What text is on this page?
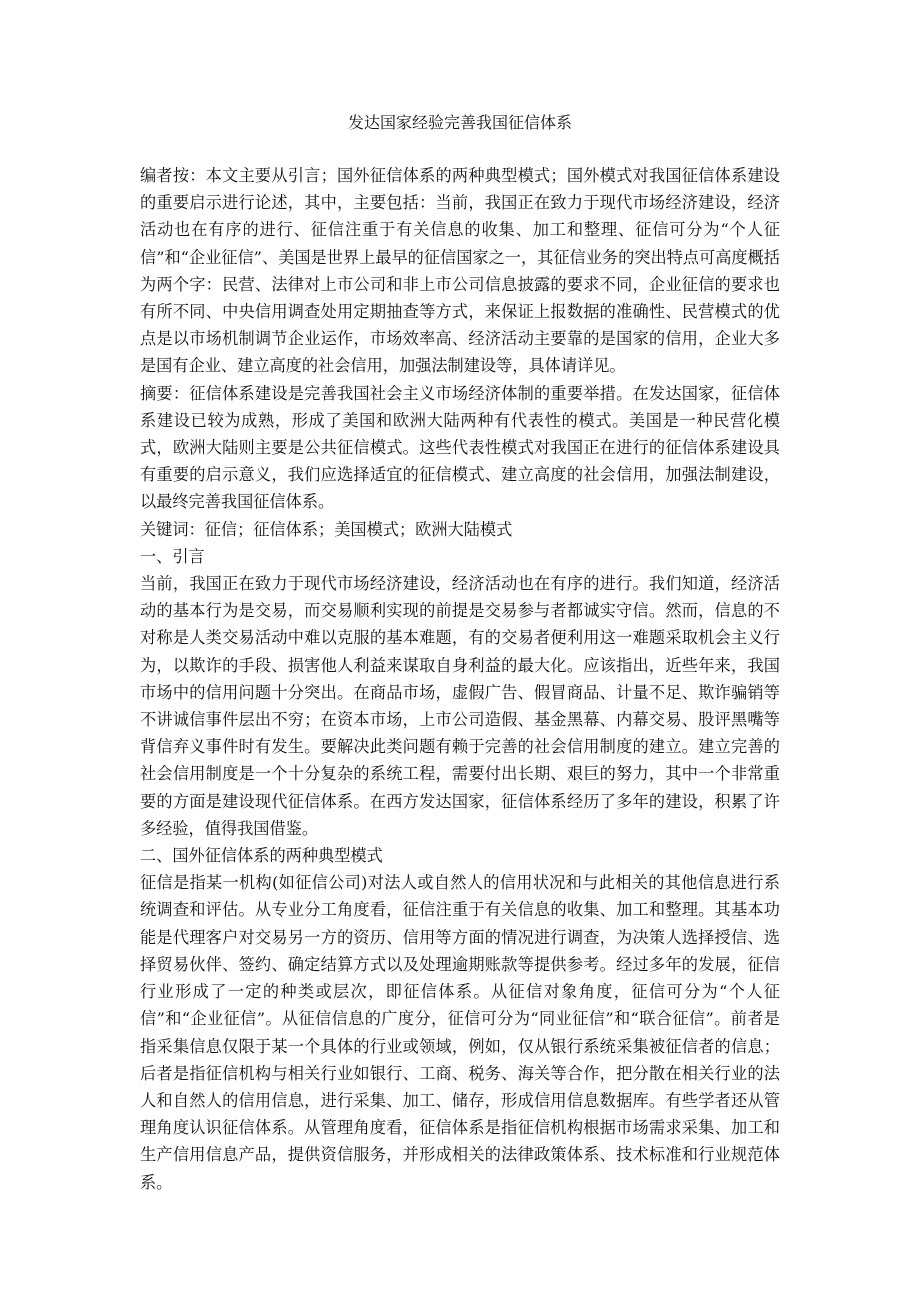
发达国家经验完善我国征信体系

编者按：本文主要从引言；国外征信体系的两种典型模式；国外模式对我国征信体系建设的重要启示进行论述，其中，主要包括：当前，我国正在致力于现代市场经济建设，经济活动也在有序的进行、征信注重于有关信息的收集、加工和整理、征信可分为“个人征信”和“企业征信”、美国是世界上最早的征信国家之一，其征信业务的突出特点可高度概括为两个字：民营、法律对上市公司和非上市公司信息披露的要求不同，企业征信的要求也有所不同、中央信用调查处用定期抽查等方式，来保证上报数据的准确性、民营模式的优点是以市场机制调节企业运作，市场效率高、经济活动主要靠的是国家的信用，企业大多是国有企业、建立高度的社会信用，加强法制建设等，具体请详见。

摘要：征信体系建设是完善我国社会主义市场经济体制的重要举措。在发达国家，征信体系建设已较为成熟，形成了美国和欧洲大陆两种有代表性的模式。美国是一种民营化模式，欧洲大陆则主要是公共征信模式。这些代表性模式对我国正在进行的征信体系建设具有重要的启示意义，我们应选择适宜的征信模式、建立高度的社会信用，加强法制建设，以最终完善我国征信体系。

关键词：征信；征信体系；美国模式；欧洲大陆模式

一、引言

当前，我国正在致力于现代市场经济建设，经济活动也在有序的进行。我们知道，经济活动的基本行为是交易，而交易顺利实现的前提是交易参与者都诚实守信。然而，信息的不对称是人类交易活动中难以克服的基本难题，有的交易者便利用这一难题采取机会主义行为，以欺诈的手段、损害他人利益来谋取自身利益的最大化。应该指出，近些年来，我国市场中的信用问题十分突出。在商品市场，虚假广告、假冒商品、计量不足、欺诈骗销等不讲诚信事件层出不穷；在资本市场，上市公司造假、基金黑幕、内幕交易、股评黑嘴等背信弃义事件时有发生。要解决此类问题有赖于完善的社会信用制度的建立。建立完善的社会信用制度是一个十分复杂的系统工程，需要付出长期、艰巨的努力，其中一个非常重要的方面是建设现代征信体系。在西方发达国家，征信体系经历了多年的建设，积累了许多经验，值得我国借鉴。

二、国外征信体系的两种典型模式

征信是指某一机构(如征信公司)对法人或自然人的信用状况和与此相关的其他信息进行系统调查和评估。从专业分工角度看，征信注重于有关信息的收集、加工和整理。其基本功能是代理客户对交易另一方的资历、信用等方面的情况进行调查，为决策人选择授信、选择贸易伙伴、签约、确定结算方式以及处理逾期账款等提供参考。经过多年的发展，征信行业形成了一定的种类或层次，即征信体系。从征信对象角度，征信可分为“个人征信”和“企业征信”。从征信信息的广度分，征信可分为“同业征信”和“联合征信”。前者是指采集信息仅限于某一个具体的行业或领域，例如，仅从银行系统采集被征信者的信息；后者是指征信机构与相关行业如银行、工商、税务、海关等合作，把分散在相关行业的法人和自然人的信用信息，进行采集、加工、储存，形成信用信息数据库。有些学者还从管理角度认识征信体系。从管理角度看，征信体系是指征信机构根据市场需求采集、加工和生产信用信息产品，提供资信服务，并形成相关的法律政策体系、技术标准和行业规范体系。
